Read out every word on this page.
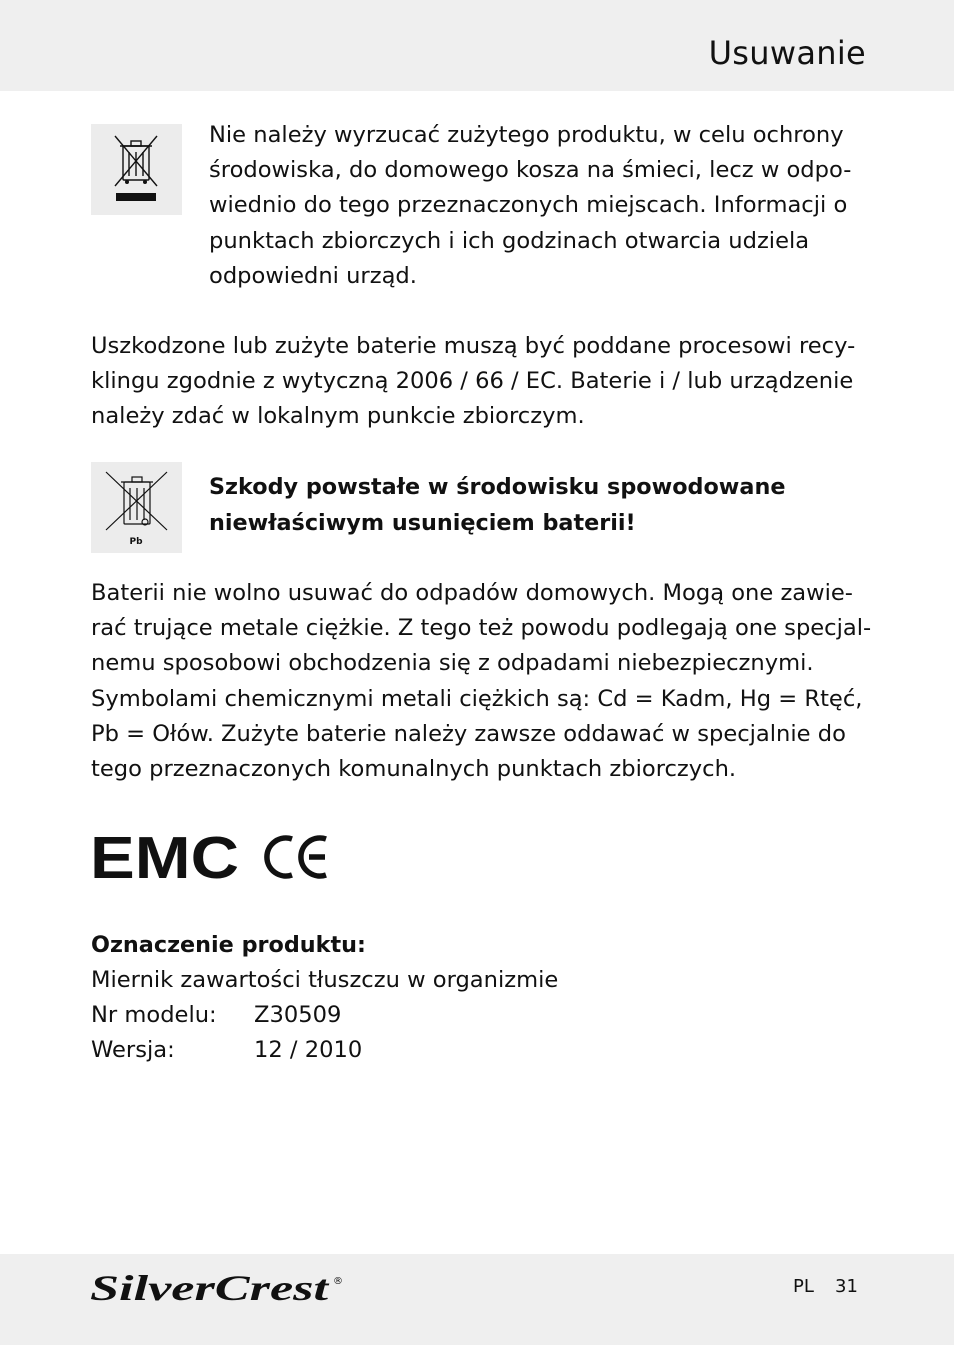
Usuwanie
Nie należy wyrzucać zużytego produktu, w celu ochrony
środowiska, do domowego kosza na śmieci, lecz w odpo-
wiednio do tego przeznaczonych miejscach. Informacji o
punktach zbiorczych i ich godzinach otwarcia udziela
odpowiedni urząd.
Uszkodzone lub zużyte baterie muszą być poddane procesowi recy-
klingu zgodnie z wytyczną 2006 / 66 / EC. Baterie i / lub urządzenie
należy zdać w lokalnym punkcie zbiorczym.
Pb
Szkody powstałe w środowisku spowodowane
niewłaściwym usunięciem baterii!
Baterii nie wolno usuwać do odpadów domowych. Mogą one zawie-
rać trujące metale ciężkie. Z tego też powodu podlegają one specjal-
nemu sposobowi obchodzenia się z odpadami niebezpiecznymi.
Symbolami chemicznymi metali ciężkich są: Cd = Kadm, Hg = Rtęć,
Pb = Ołów. Zużyte baterie należy zawsze oddawać w specjalnie do
tego przeznaczonych komunalnych punktach zbiorczych.
EMC
Oznaczenie produktu:
Miernik zawartości tłuszczu w organizmie
Nr modelu: Z30509
Wersja:	12 / 2010
SilverCrest ®	PL 31
